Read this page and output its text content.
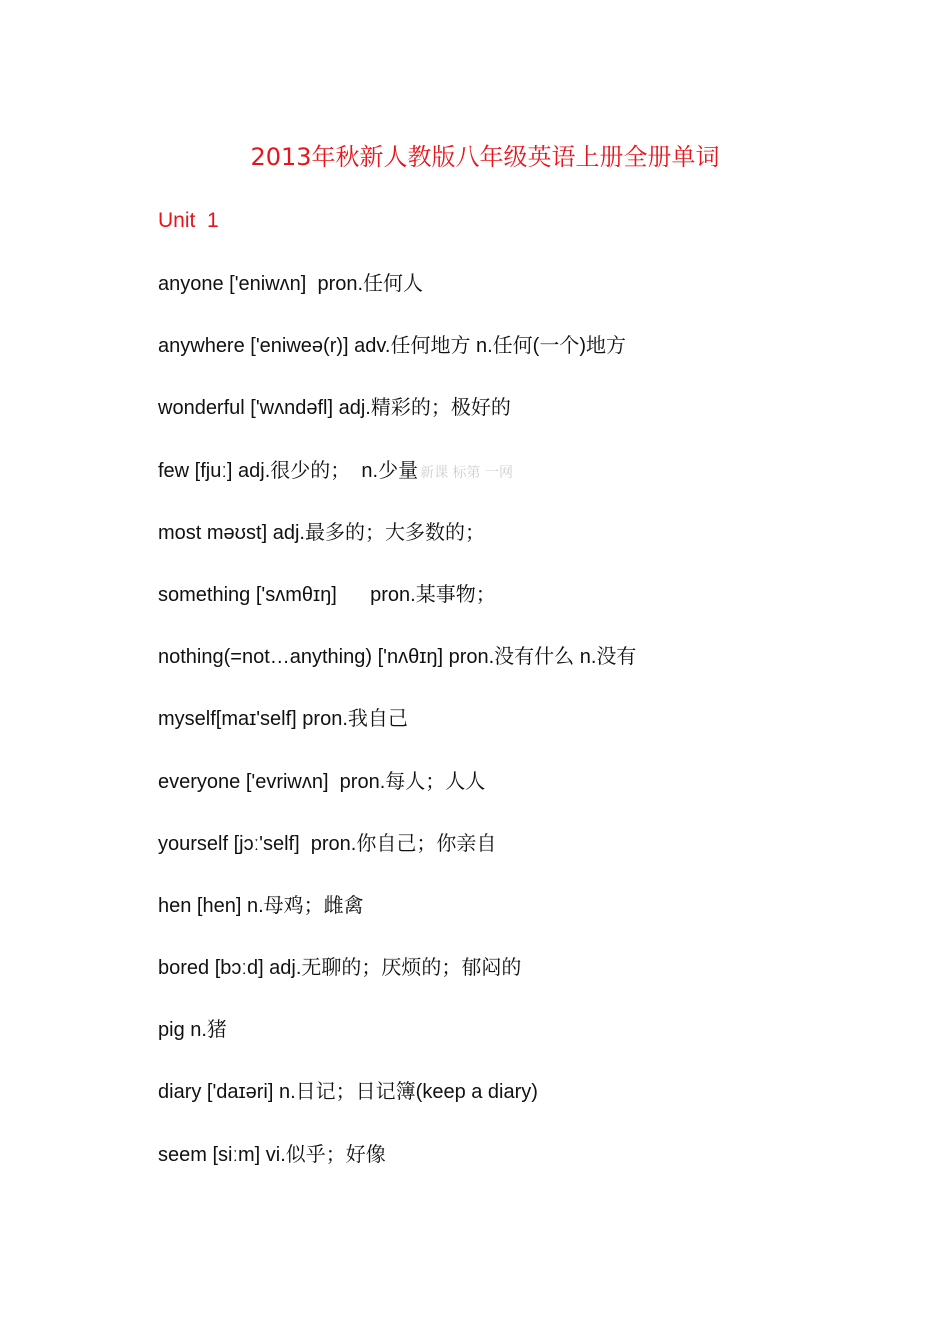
2013年秋新人教版八年级英语上册全册单词
Unit  1
anyone ['eniwʌn]  pron.任何人
anywhere ['eniweə(r)] adv.任何地方 n.任何(一个)地方
wonderful ['wʌndəfl] adj.精彩的；极好的
few [fjuː] adj.很少的；  n.少量 新课 标第 一网
most məʊst] adj.最多的；大多数的；
something ['sʌmθɪŋ]      pron.某事物；
nothing(=not…anything) ['nʌθɪŋ] pron.没有什么 n.没有
myself[maɪ'self] pron.我自己
everyone ['evriwʌn]  pron.每人；人人
yourself [jɔː'self]  pron.你自己；你亲自
hen [hen] n.母鸡；雌禽
bored [bɔːd] adj.无聊的；厌烦的；郁闷的
pig n.猪
diary ['daɪəri] n.日记；日记簿(keep a diary)
seem [siːm] vi.似乎；好像
